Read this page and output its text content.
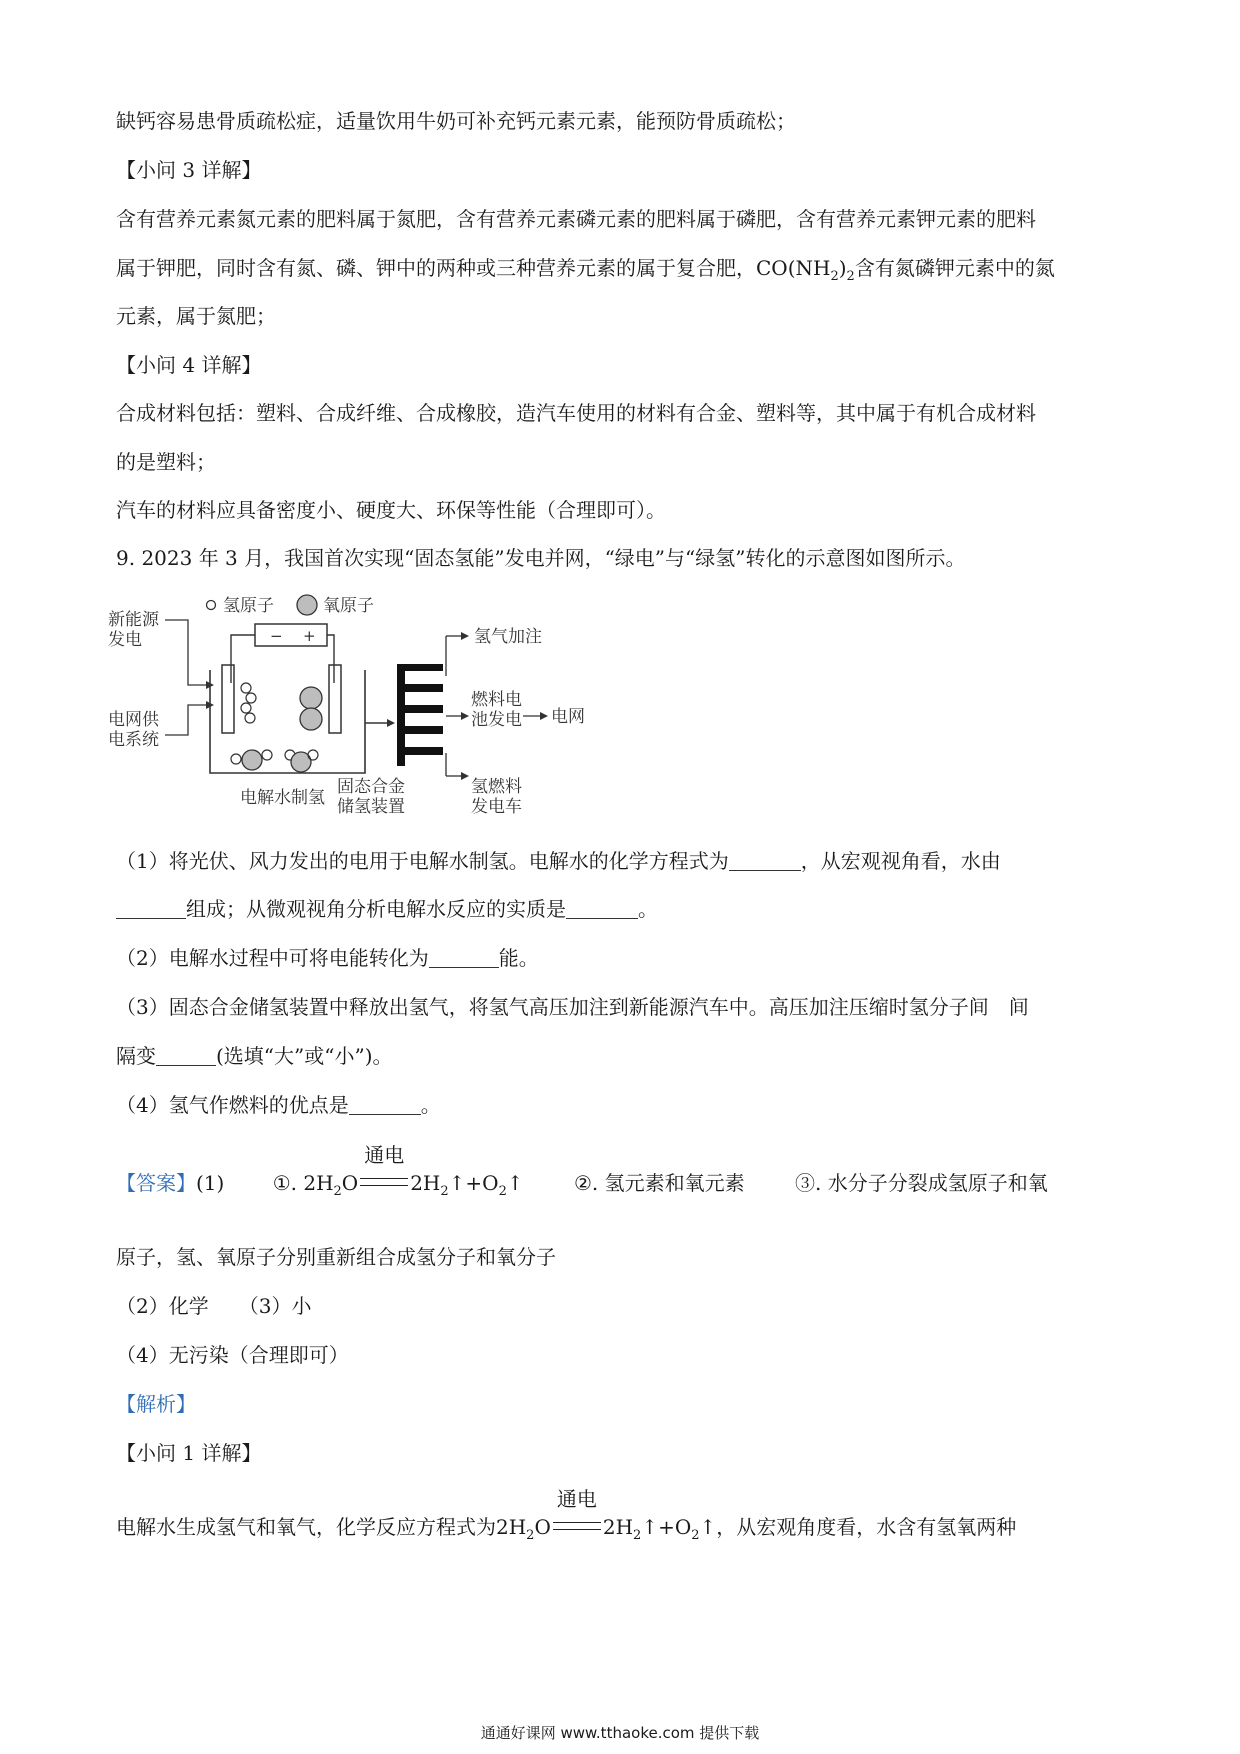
缺钙容易患骨质疏松症，适量饮用牛奶可补充钙元素元素，能预防骨质疏松；
【小问 3 详解】
含有营养元素氮元素的肥料属于氮肥，含有营养元素磷元素的肥料属于磷肥，含有营养元素钾元素的肥料
属于钾肥，同时含有氮、磷、钾中的两种或三种营养元素的属于复合肥，$CO(NH_2)_2$含有氮磷钾元素中的氮
元素，属于氮肥；
【小问 4 详解】
合成材料包括：塑料、合成纤维、合成橡胶，造汽车使用的材料有合金、塑料等，其中属于有机合成材料
的是塑料；
汽车的材料应具备密度小、硬度大、环保等性能（合理即可）。
9. 2023 年 3 月，我国首次实现“固态氢能”发电并网，“绿电”与“绿氢”转化的示意图如图所示。
氢原子	氧原子
− +
电解水制氢
新能源
发电
电网供
电系统
固态合金
储氢装置
氢气加注
燃料电
池发电 电网
氢燃料
发电车
（1）将光伏、风力发出的电用于电解水制氢。电解水的化学方程式为	，从宏观视角看，水由
组成；从微观视角分析电解水反应的实质是	。
（2）电解水过程中可将电能转化为	能。
（3）固态合金储氢装置中释放出氢气，将氢气高压加注到新能源汽车中。高压加注压缩时氢分子间　间
隔变	(选填“大”或“小”)。
（4）氢气作燃料的优点是	。
【答案】(1) ①. $2H_2O$
通电
$2H_2↑+O_2↑$	②. 氢元素和氧元素	③. 水分子分裂成氢原子和氧
原子，氢、氧原子分别重新组合成氢分子和氧分子
（2）化学 （3）小
（4）无污染（合理即可）
【解析】
【小问 1 详解】
电解水生成氢气和氧气，化学反应方程式为$2H_2O$
通电
$2H_2↑+O_2↑$，从宏观角度看，水含有氢氧两种
通通好课网 www.tthaoke.com 提供下载
